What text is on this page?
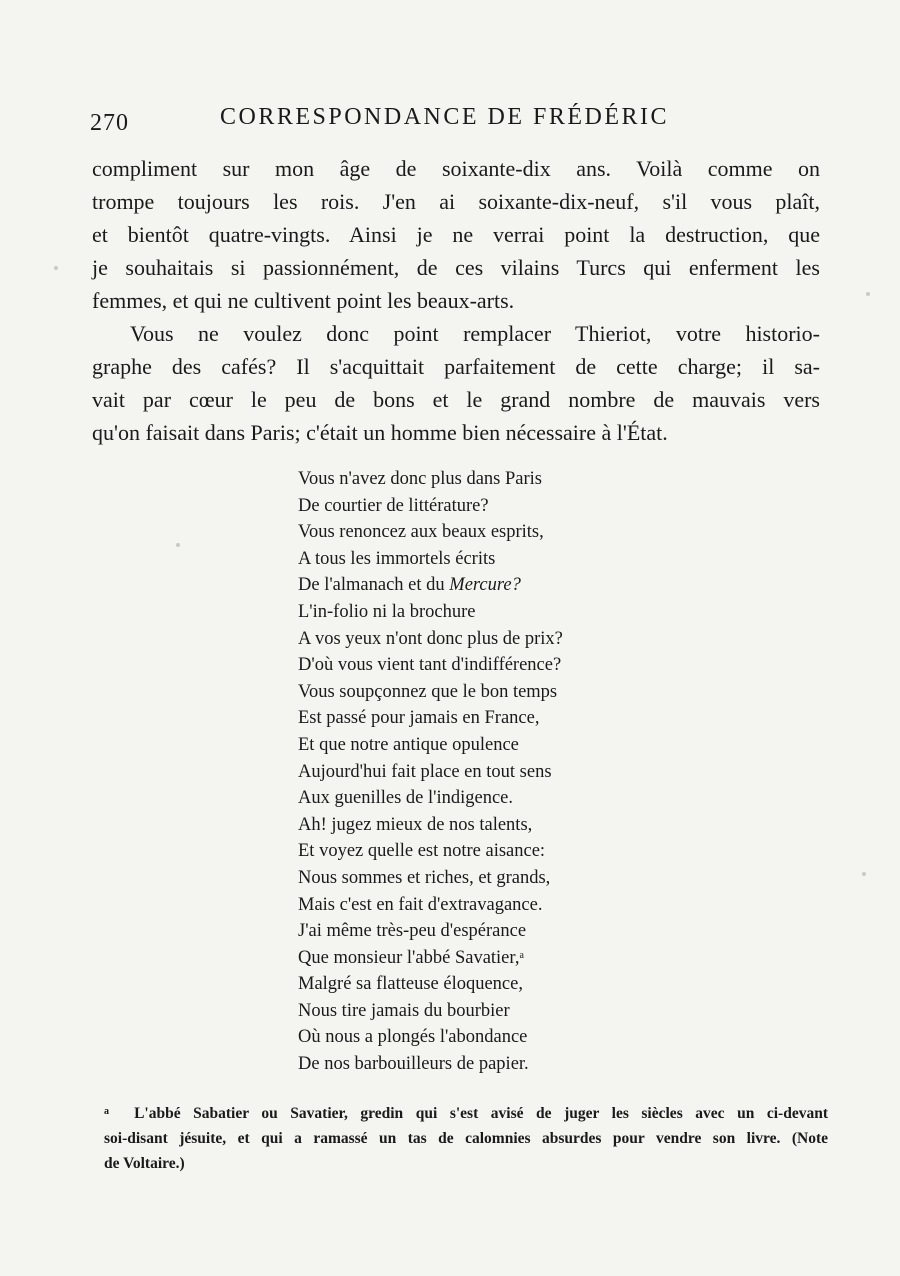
270	CORRESPONDANCE DE FRÉDÉRIC
compliment sur mon âge de soixante-dix ans. Voilà comme on
trompe toujours les rois. J'en ai soixante-dix-neuf, s'il vous plaît,
et bientôt quatre-vingts. Ainsi je ne verrai point la destruction, que
je souhaitais si passionnément, de ces vilains Turcs qui enferment les
femmes, et qui ne cultivent point les beaux-arts.
Vous ne voulez donc point remplacer Thieriot, votre historio-
graphe des cafés? Il s'acquittait parfaitement de cette charge; il sa-
vait par cœur le peu de bons et le grand nombre de mauvais vers
qu'on faisait dans Paris; c'était un homme bien nécessaire à l'État.
Vous n'avez donc plus dans Paris
De courtier de littérature?
Vous renoncez aux beaux esprits,
A tous les immortels écrits
De l'almanach et du Mercure?
L'in-folio ni la brochure
A vos yeux n'ont donc plus de prix?
D'où vous vient tant d'indifférence?
Vous soupçonnez que le bon temps
Est passé pour jamais en France,
Et que notre antique opulence
Aujourd'hui fait place en tout sens
Aux guenilles de l'indigence.
Ah! jugez mieux de nos talents,
Et voyez quelle est notre aisance:
Nous sommes et riches, et grands,
Mais c'est en fait d'extravagance.
J'ai même très-peu d'espérance
Que monsieur l'abbé Savatier,$^a$
Malgré sa flatteuse éloquence,
Nous tire jamais du bourbier
Où nous a plongés l'abondance
De nos barbouilleurs de papier.
$^a$ L'abbé Sabatier ou Savatier, gredin qui s'est avisé de juger les siècles avec un ci-devant
soi-disant jésuite, et qui a ramassé un tas de calomnies absurdes pour vendre son livre. (Note
de Voltaire.)
